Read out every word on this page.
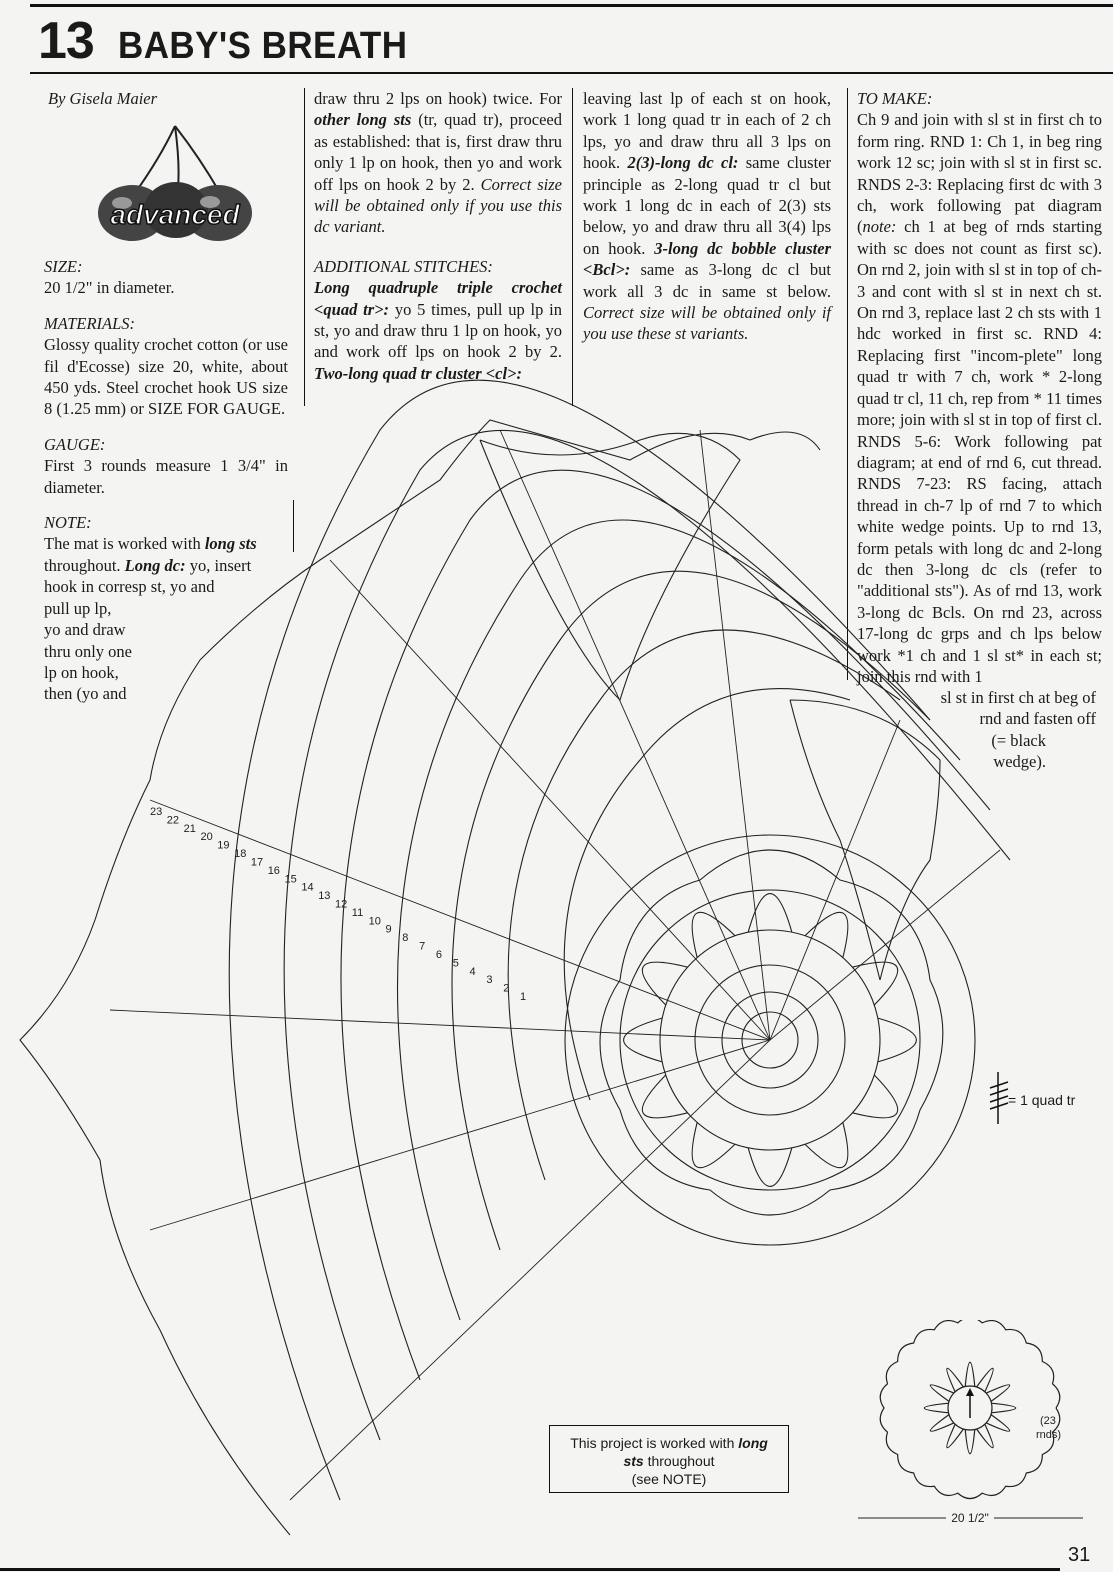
13 BABY'S BREATH

By Gisela Maier

advanced

SIZE:

20 1/2" in diameter.

MATERIALS:

Glossy quality crochet cotton (or use fil d'Ecosse) size 20, white, about 450 yds. Steel crochet hook US size 8 (1.25 mm) or SIZE FOR GAUGE.

GAUGE:

First 3 rounds measure 1 3/4" in diameter.

NOTE:

The mat is worked with long sts

throughout. Long dc: yo, insert

hook in corresp st, yo and

pull up lp,

yo and draw

thru only one

lp on hook,

then (yo and

draw thru 2 lps on hook) twice. For other long sts (tr, quad tr), proceed as established: that is, first draw thru only 1 lp on hook, then yo and work off lps on hook 2 by 2. Correct size will be obtained only if you use this dc variant.

ADDITIONAL STITCHES:

Long quadruple triple crochet <quad tr>: yo 5 times, pull up lp in st, yo and draw thru 1 lp on hook, yo and work off lps on hook 2 by 2. Two-long quad tr cluster <cl>:

leaving last lp of each st on hook, work 1 long quad tr in each of 2 ch lps, yo and draw thru all 3 lps on hook. 2(3)-long dc cl: same cluster principle as 2-long quad tr cl but work 1 long dc in each of 2(3) sts below, yo and draw thru all 3(4) lps on hook. 3-long dc bobble cluster <Bcl>: same as 3-long dc cl but work all 3 dc in same st below. Correct size will be obtained only if you use these st variants.

TO MAKE:

Ch 9 and join with sl st in first ch to form ring. RND 1: Ch 1, in beg ring work 12 sc; join with sl st in first sc. RNDS 2-3: Replacing first dc with 3 ch, work following pat diagram (note: ch 1 at beg of rnds starting with sc does not count as first sc). On rnd 2, join with sl st in top of ch-3 and cont with sl st in next ch st. On rnd 3, replace last 2 ch sts with 1 hdc worked in first sc. RND 4: Replacing first "incom-plete" long quad tr with 7 ch, work * 2-long quad tr cl, 11 ch, rep from * 11 times more; join with sl st in top of first cl. RNDS 5-6: Work following pat diagram; at end of rnd 6, cut thread. RNDS 7-23: RS facing, attach thread in ch-7 lp of rnd 7 to which white wedge points. Up to rnd 13, form petals with long dc and 2-long dc then 3-long dc cls (refer to "additional sts"). As of rnd 13, work 3-long dc Bcls. On rnd 23, across 17-long dc grps and ch lps below work *1 ch and 1 sl st* in each st; join this rnd with 1

sl st in first ch at beg of

rnd and fasten off

(= black

wedge).

23
22
21
20
19
18
17
16
15
14
13
12
11
10
9
8
7
6
5
4
3
2
1
= 1 quad tr
This project is worked with long
sts throughout
(see NOTE)
(23
rnds)
20 1/2"
31
